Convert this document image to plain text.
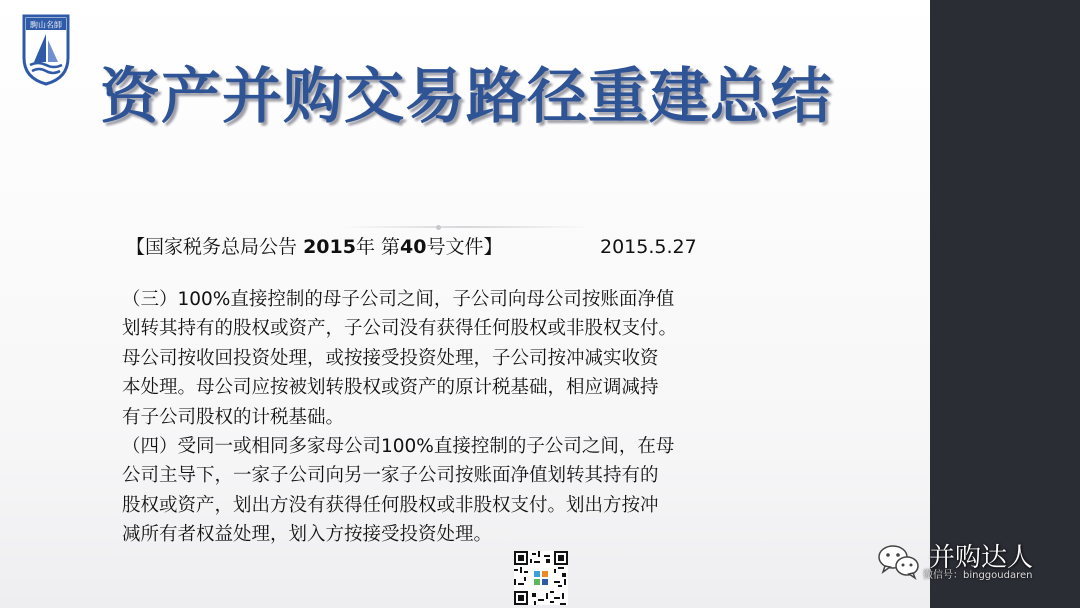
駒山名師
资产并购交易路径重建总结
【国家税务总局公告 2015年 第40号文件】	2015.5.27
（三）100%直接控制的母子公司之间，子公司向母公司按账面净值
划转其持有的股权或资产，子公司没有获得任何股权或非股权支付。
母公司按收回投资处理，或按接受投资处理，子公司按冲减实收资
本处理。母公司应按被划转股权或资产的原计税基础，相应调减持
有子公司股权的计税基础。
（四）受同一或相同多家母公司100%直接控制的子公司之间，在母
公司主导下，一家子公司向另一家子公司按账面净值划转其持有的
股权或资产，划出方没有获得任何股权或非股权支付。划出方按冲
减所有者权益处理，划入方按接受投资处理。
并购达人
微信号：binggoudaren
